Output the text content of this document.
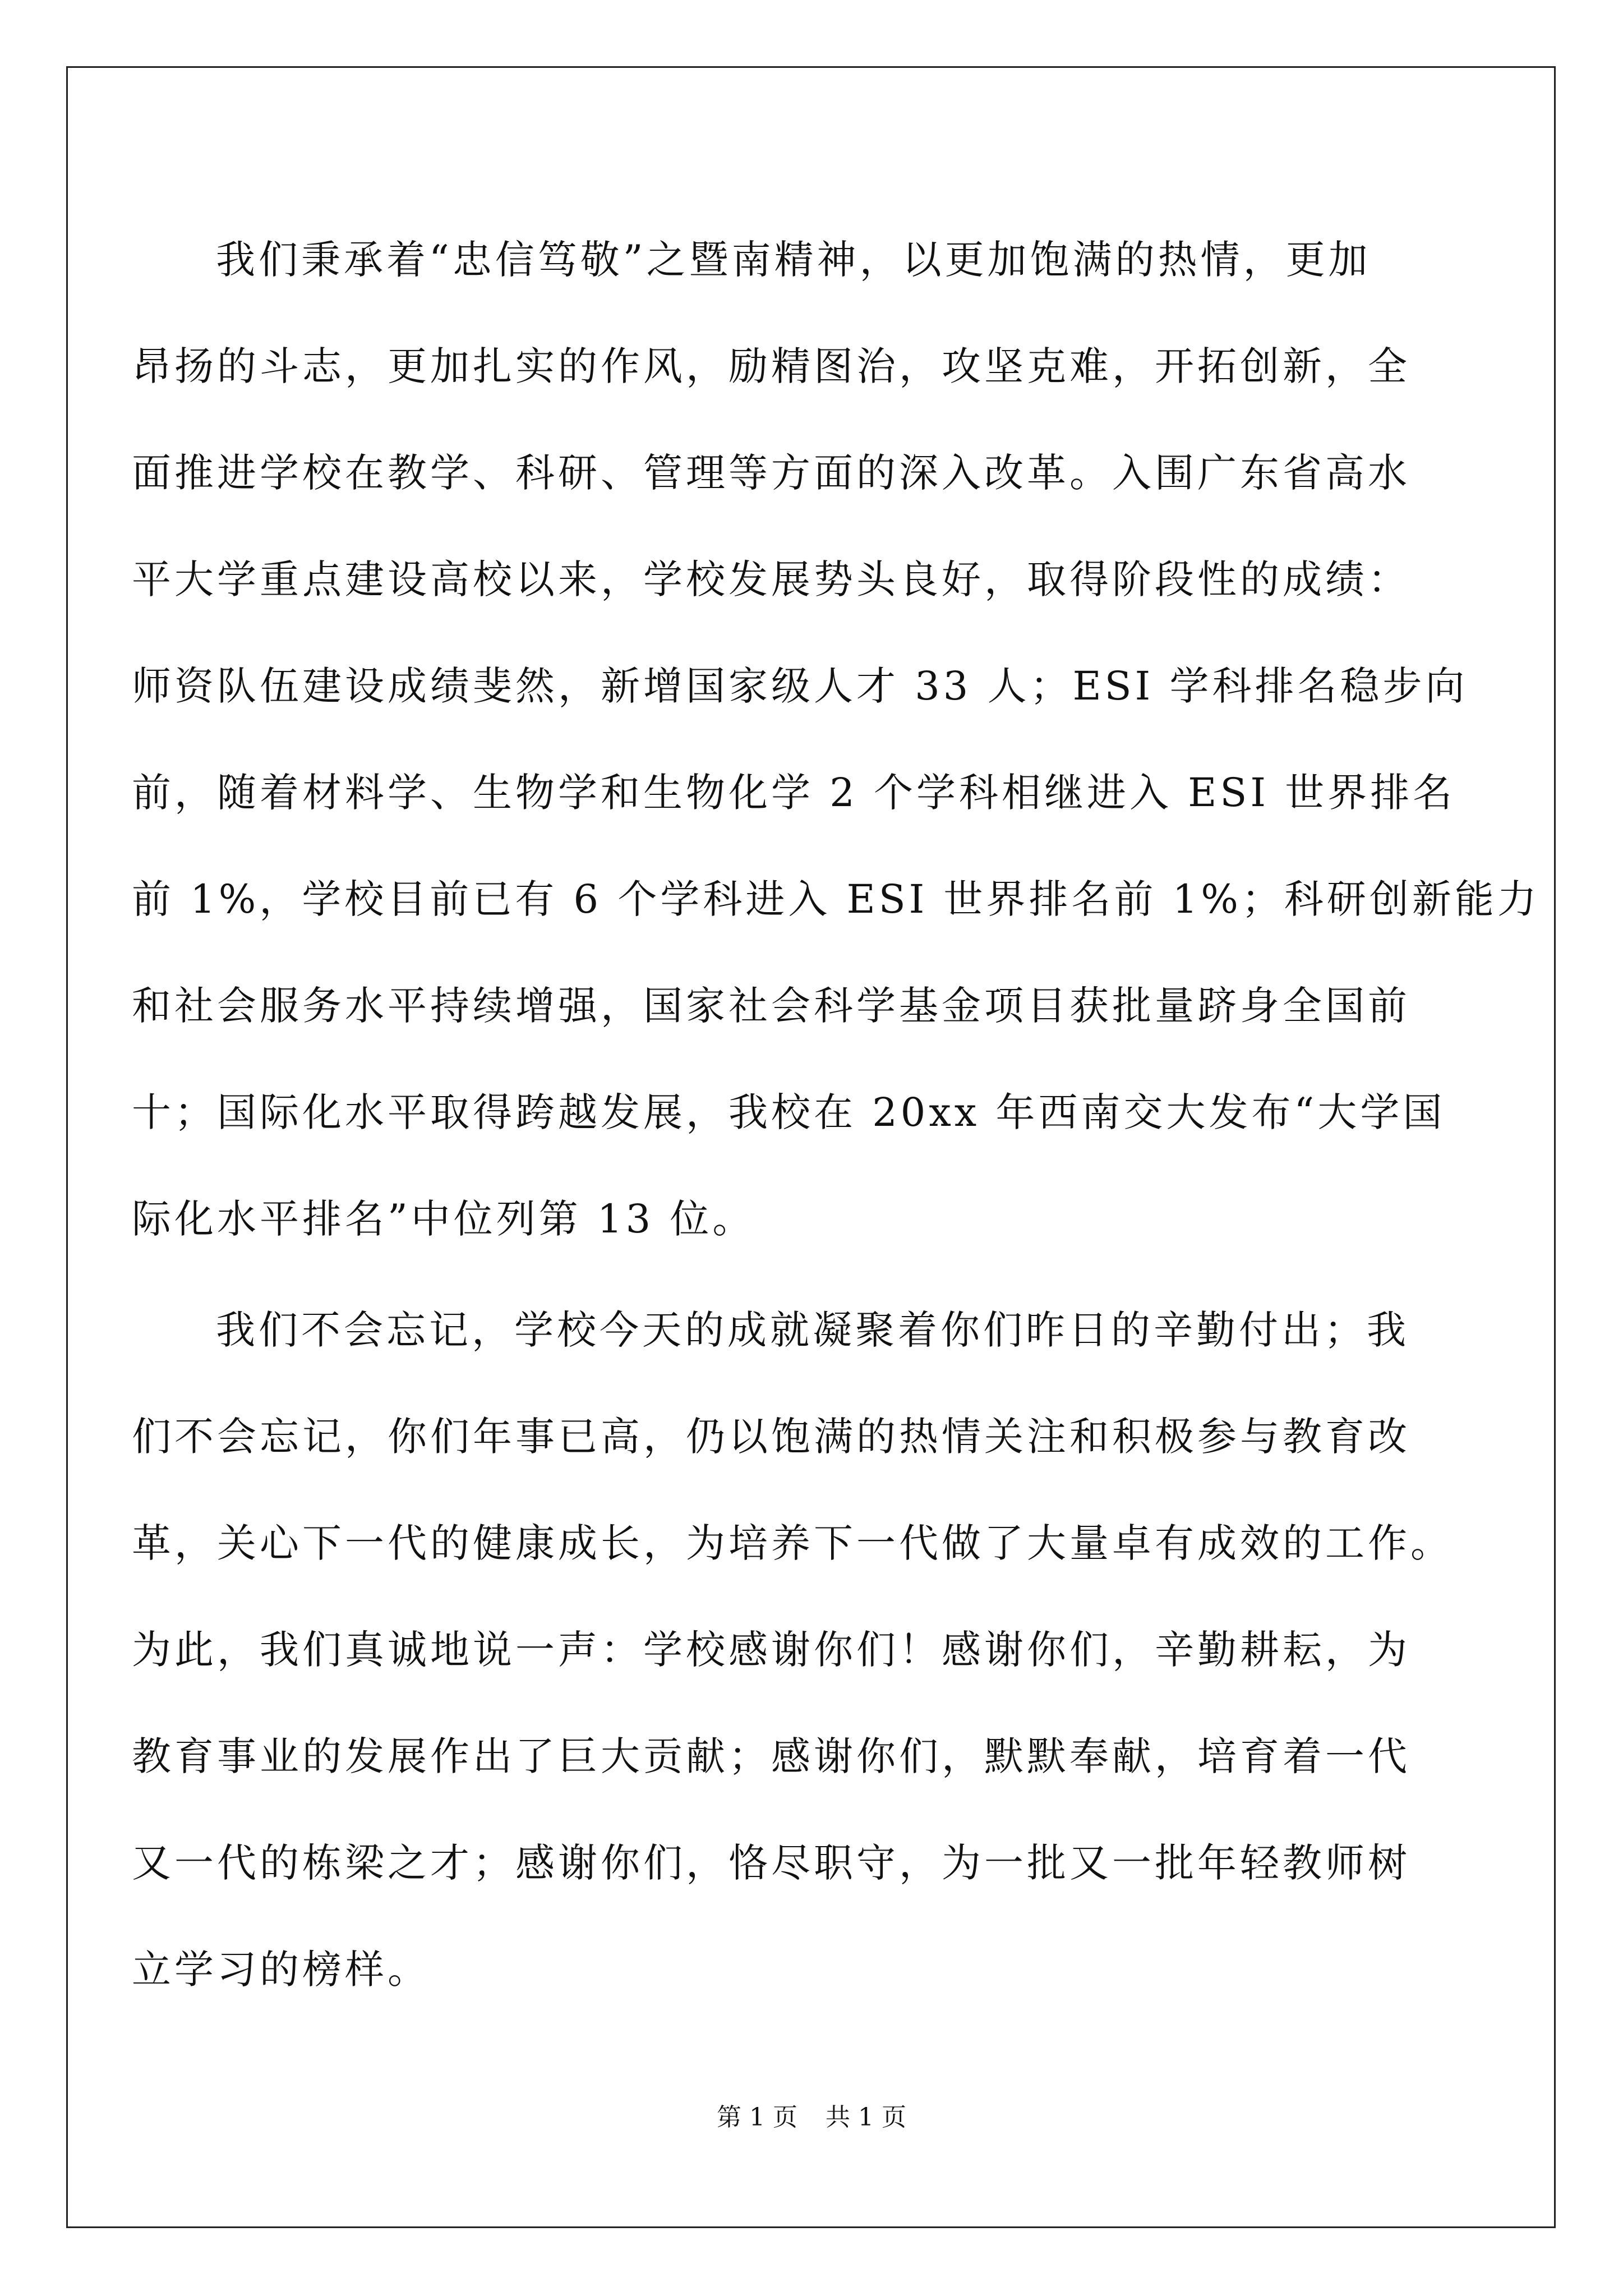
我们秉承着“忠信笃敬”之暨南精神，以更加饱满的热情，更加
昂扬的斗志，更加扎实的作风，励精图治，攻坚克难，开拓创新，全
面推进学校在教学、科研、管理等方面的深入改革。入围广东省高水
平大学重点建设高校以来，学校发展势头良好，取得阶段性的成绩：
师资队伍建设成绩斐然，新增国家级人才 33 人；ESI 学科排名稳步向
前，随着材料学、生物学和生物化学 2 个学科相继进入 ESI 世界排名
前 1%，学校目前已有 6 个学科进入 ESI 世界排名前 1%；科研创新能力
和社会服务水平持续增强，国家社会科学基金项目获批量跻身全国前
十；国际化水平取得跨越发展，我校在 20xx 年西南交大发布“大学国
际化水平排名”中位列第 13 位。
我们不会忘记，学校今天的成就凝聚着你们昨日的辛勤付出；我
们不会忘记，你们年事已高，仍以饱满的热情关注和积极参与教育改
革，关心下一代的健康成长，为培养下一代做了大量卓有成效的工作。
为此，我们真诚地说一声：学校感谢你们！感谢你们，辛勤耕耘，为
教育事业的发展作出了巨大贡献；感谢你们，默默奉献，培育着一代
又一代的栋梁之才；感谢你们，恪尽职守，为一批又一批年轻教师树
立学习的榜样。
第 1 页 共 1 页
